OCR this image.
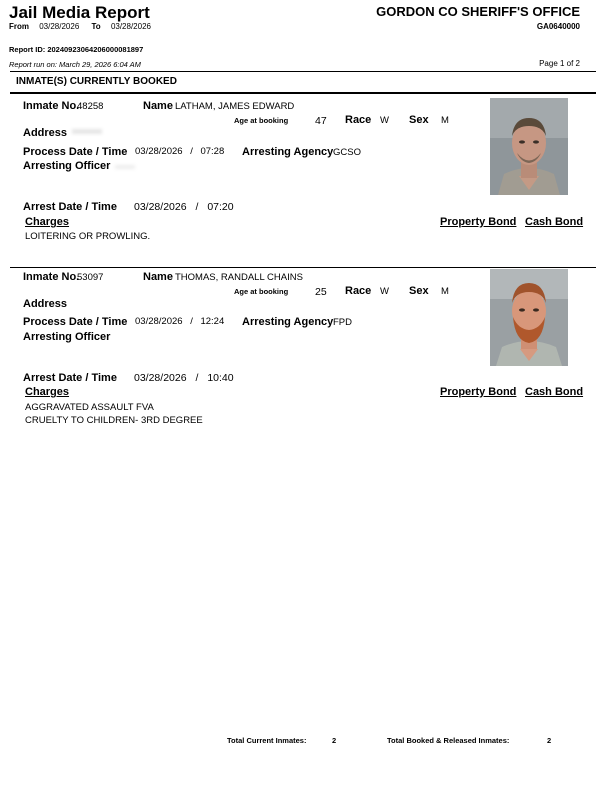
Jail Media Report	GORDON CO SHERIFF'S OFFICE
GA0640000
From 03/28/2026 To 03/28/2026
Report ID: 20240923064206000081897
Report run on: March 29, 2026 6:04 AM	Page 1 of 2
INMATE(S) CURRENTLY BOOKED
Inmate No.
48258	Name LATHAM, JAMES EDWARD
Age at booking	47 Race W Sex M
Address
Process Date / Time 03/28/2026 / 07:28 Arresting Agency GCSO
Arresting Officer
Arrest Date / Time 03/28/2026 / 07:20
Charges	Property Bond Cash Bond
LOITERING OR PROWLING.
Inmate No.
53097	Name THOMAS, RANDALL CHAINS
Age at booking	25 Race W Sex M
Address
Process Date / Time 03/28/2026 / 12:24 Arresting Agency FPD
Arresting Officer
Arrest Date / Time 03/28/2026 / 10:40
Charges	Property Bond Cash Bond
AGGRAVATED ASSAULT FVA
CRUELTY TO CHILDREN- 3RD DEGREE
Total Current Inmates:	2	Total Booked & Released Inmates:	2
